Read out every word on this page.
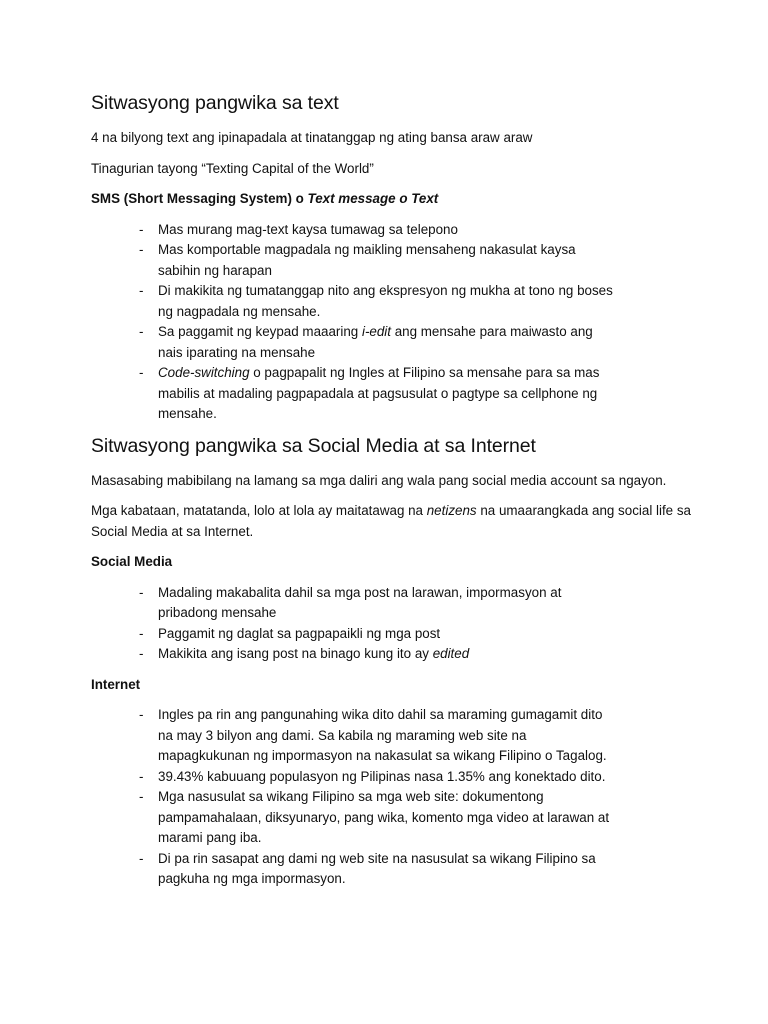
Sitwasyong pangwika sa text

4 na bilyong text ang ipinapadala at tinatanggap ng ating bansa araw araw

Tinagurian tayong “Texting Capital of the World”

SMS (Short Messaging System) o Text message o Text

- Mas murang mag-text kaysa tumawag sa telepono
- Mas komportable magpadala ng maikling mensaheng nakasulat kaysa sabihin ng harapan
- Di makikita ng tumatanggap nito ang ekspresyon ng mukha at tono ng boses ng nagpadala ng mensahe.
- Sa paggamit ng keypad maaaring i-edit ang mensahe para maiwasto ang nais iparating na mensahe
- Code-switching o pagpapalit ng Ingles at Filipino sa mensahe para sa mas mabilis at madaling pagpapadala at pagsusulat o pagtype sa cellphone ng mensahe.
Sitwasyong pangwika sa Social Media at sa Internet

Masasabing mabibilang na lamang sa mga daliri ang wala pang social media account sa ngayon.

Mga kabataan, matatanda, lolo at lola ay maitatawag na netizens na umaarangkada ang social life sa Social Media at sa Internet.

Social Media

- Madaling makabalita dahil sa mga post na larawan, impormasyon at pribadong mensahe
- Paggamit ng daglat sa pagpapaikli ng mga post
- Makikita ang isang post na binago kung ito ay edited

Internet

- Ingles pa rin ang pangunahing wika dito dahil sa maraming gumagamit dito na may 3 bilyon ang dami. Sa kabila ng maraming web site na mapagkukunan ng impormasyon na nakasulat sa wikang Filipino o Tagalog.
- 39.43% kabuuang populasyon ng Pilipinas nasa 1.35% ang konektado dito.
- Mga nasusulat sa wikang Filipino sa mga web site: dokumentong pampamahalaan, diksyunaryo, pang wika, komento mga video at larawan at marami pang iba.
- Di pa rin sasapat ang dami ng web site na nasusulat sa wikang Filipino sa pagkuha ng mga impormasyon.
